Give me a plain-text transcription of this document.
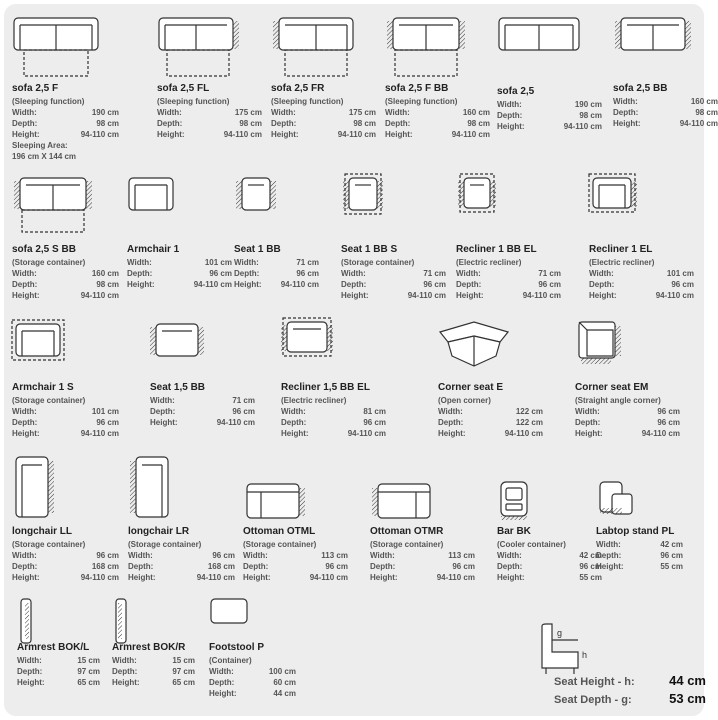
Seat Height - h:	44 cm
Seat Depth - g:	53 cm
sofa 2,5 F
(Sleeping function)
Width:	190 cm
Depth:	98 cm
Height:	94-110 cm
Sleeping Area:
196 cm X 144 cm
sofa 2,5 FL
(Sleeping function)
Width:	175 cm
Depth:	98 cm
Height:	94-110 cm
sofa 2,5 FR
(Sleeping function)
Width:	175 cm
Depth:	98 cm
Height:	94-110 cm
sofa 2,5 F BB
(Sleeping function)
Width:	160 cm
Depth:	98 cm
Height:	94-110 cm
sofa 2,5
Width:	190 cm
Depth:	98 cm
Height:	94-110 cm
sofa 2,5 BB
Width:	160 cm
Depth:	98 cm
Height:	94-110 cm
sofa 2,5 S BB
(Storage container)
Width:	160 cm
Depth:	98 cm
Height:	94-110 cm
Armchair 1
Width:	101 cm
Depth:	96 cm
Height:	94-110 cm
Seat 1 BB
Width:	71 cm
Depth:	96 cm
Height:	94-110 cm
Seat 1 BB S
(Storage container)
Width:	71 cm
Depth:	96 cm
Height:	94-110 cm
Recliner 1 BB EL
(Electric recliner)
Width:	71 cm
Depth:	96 cm
Height:	94-110 cm
Recliner 1 EL
(Electric recliner)
Width:	101 cm
Depth:	96 cm
Height:	94-110 cm
Armchair 1 S
(Storage container)
Width:	101 cm
Depth:	96 cm
Height:	94-110 cm
Seat 1,5 BB
Width:	71 cm
Depth:	96 cm
Height:	94-110 cm
Recliner 1,5 BB EL
(Electric recliner)
Width:	81 cm
Depth:	96 cm
Height:	94-110 cm
Corner seat E
(Open corner)
Width:	122 cm
Depth:	122 cm
Height:	94-110 cm
Corner seat EM
(Straight angle corner)
Width:	96 cm
Depth:	96 cm
Height:	94-110 cm
longchair LL
(Storage container)
Width:	96 cm
Depth:	168 cm
Height:	94-110 cm
longchair LR
(Storage container)
Width:	96 cm
Depth:	168 cm
Height:	94-110 cm
Ottoman OTML
(Storage container)
Width:	113 cm
Depth:	96 cm
Height:	94-110 cm
Ottoman OTMR
(Storage container)
Width:	113 cm
Depth:	96 cm
Height:	94-110 cm
Bar BK
(Cooler container)
Width:	42 cm
Depth:	96 cm
Height:	55 cm
Labtop stand PL
Width:	42 cm
Depth:	96 cm
Height:	55 cm
Armrest BOK/L
Width:	15 cm
Depth:	97 cm
Height:	65 cm
Armrest BOK/R
Width:	15 cm
Depth:	97 cm
Height:	65 cm
Footstool P
(Container)
Width:	100 cm
Depth:	60 cm
Height:	44 cm
g
h
